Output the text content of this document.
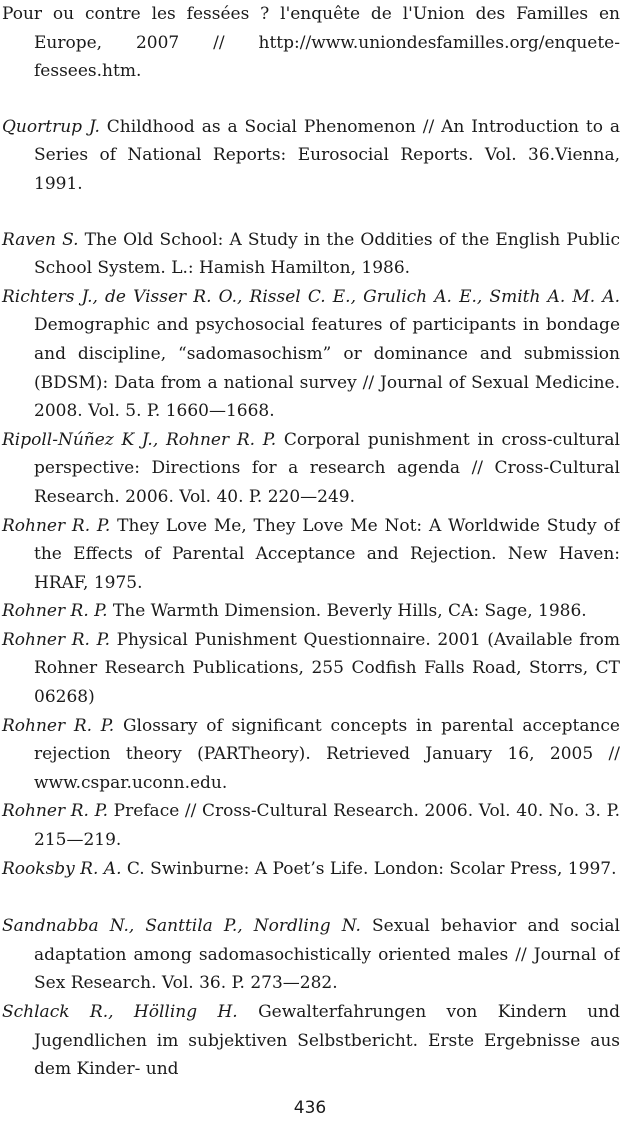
Pour ou contre les fessées ? l'enquête de l'Union des Familles en Europe, 2007 // http://www.uniondesfamilles.org/enquete-fessees.htm.

Quortrup J. Childhood as a Social Phenomenon // An Introduction to a Series of National Reports: Eurosocial Reports. Vol. 36.Vienna, 1991.

Raven S. The Old School: A Study in the Oddities of the English Public School System. L.: Hamish Hamilton, 1986.

Richters J., de Visser R. O., Rissel C. E., Grulich A. E., Smith A. M. A. Demographic and psychosocial features of participants in bondage and discipline, “sadomasochism” or dominance and submission (BDSM): Data from a national survey // Journal of Sexual Medicine. 2008. Vol. 5. P. 1660—1668.

Ripoll-Núñez K J., Rohner R. P. Corporal punishment in cross-cultural perspective: Directions for a research agenda // Cross-Cultural Research. 2006. Vol. 40. P. 220—249.

Rohner R. P. They Love Me, They Love Me Not: A Worldwide Study of the Effects of Parental Acceptance and Rejection. New Haven: HRAF, 1975.

Rohner R. P. The Warmth Dimension. Beverly Hills, CA: Sage, 1986.

Rohner R. P. Physical Punishment Questionnaire. 2001 (Available from Rohner Research Publications, 255 Codfish Falls Road, Storrs, CT 06268)

Rohner R. P. Glossary of significant concepts in parental acceptance rejection theory (PARTheory). Retrieved January 16, 2005 // www.cspar.uconn.edu.

Rohner R. P. Preface // Cross-Cultural Research. 2006. Vol. 40. No. 3. P. 215—219.

Rooksby R. A. C. Swinburne: A Poet’s Life. London: Scolar Press, 1997.

Sandnabba N., Santtila P., Nordling N. Sexual behavior and social adaptation among sadomasochistically oriented males // Journal of Sex Research. Vol. 36. P. 273—282.

Schlack R., Hölling H. Gewalterfahrungen von Kindern und Jugendlichen im subjektiven Selbstbericht. Erste Ergebnisse aus dem Kinder- und

436
